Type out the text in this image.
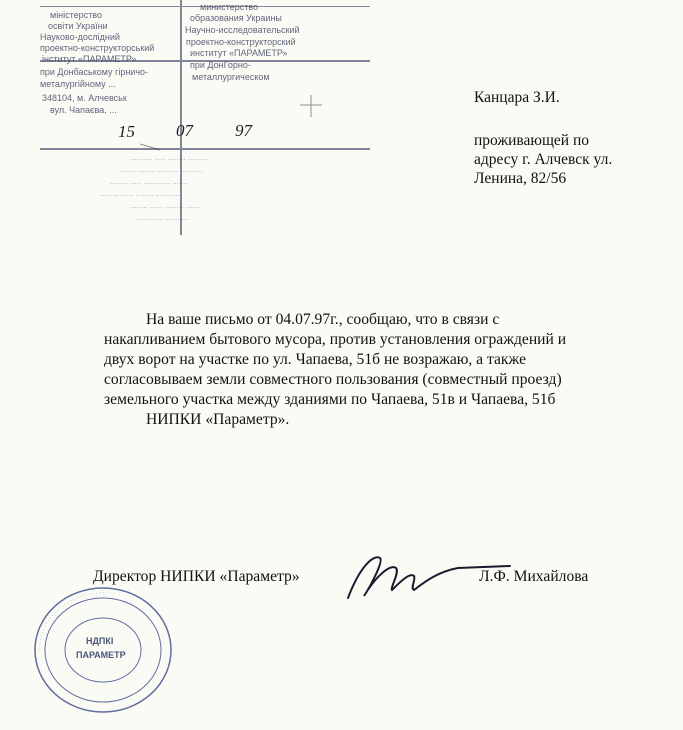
міністерство
освіти України
Науково-дослідний
проектно-конструкторський
інститут «ПАРАМЕТР»
при Донбаському гірничо-
металургійному ...
348104, м. Алчевськ
вул. Чапаєва, ...
министерство
образования Украины
Научно-исследовательский
проектно-конструкторский
институт «ПАРАМЕТР»
при ДонГорно-
металлургическом
15 07 97
.......... ..... ........ .........
....... ........ ......... ..........
........ ..... ............ .......
..... ......... ........ ...........
........ ...... ........ .......
............ ...........

Канцара З.И.

проживающей по
адресу г. Алчевск ул.
Ленина, 82/56

На ваше письмо от 04.07.97г., сообщаю, что в связи с
накапливанием бытового мусора, против установления ограждений и
двух ворот на участке по ул. Чапаева, 51б не возражаю, а также
согласовываем земли совместного пользования (совместный проезд)
земельного участка между зданиями по Чапаева, 51в и Чапаева, 51б
НИПКИ «Параметр».

Директор НИПКИ «Параметр»	Л.Ф. Михайлова
. . . . . . . . . . . . . . . . . . . . . . . . . . . . . . . .
НДПКІ
ПАРАМЕТР
